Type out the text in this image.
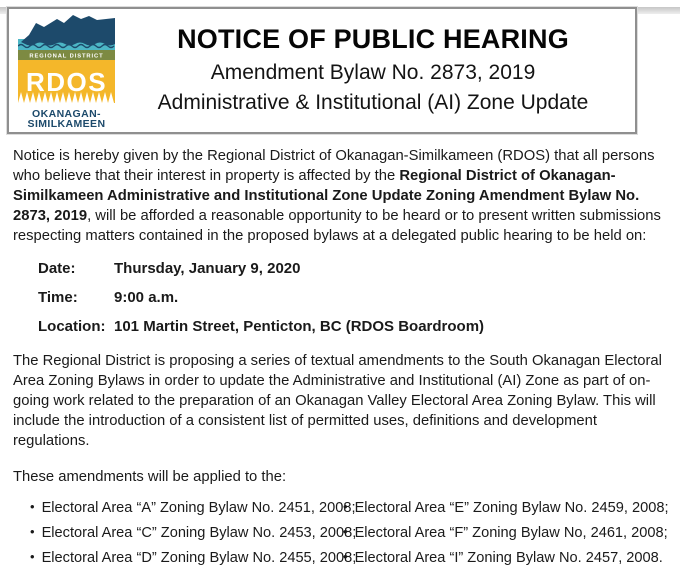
REGIONAL DISTRICT
RDOS
OKANAGAN-
SIMILKAMEEN
NOTICE OF PUBLIC HEARING
Amendment Bylaw No. 2873, 2019
Administrative & Institutional (AI) Zone Update

Notice is hereby given by the Regional District of Okanagan-Similkameen (RDOS) that all persons who believe that their interest in property is affected by the Regional District of Okanagan-Similkameen Administrative and Institutional Zone Update Zoning Amendment Bylaw No. 2873, 2019, will be afforded a reasonable opportunity to be heard or to present written submissions respecting matters contained in the proposed bylaws at a delegated public hearing to be held on:

Date:	Thursday, January 9, 2020
Time:	9:00 a.m.
Location: 101 Martin Street, Penticton, BC (RDOS Boardroom)

The Regional District is proposing a series of textual amendments to the South Okanagan Electoral Area Zoning Bylaws in order to update the Administrative and Institutional (AI) Zone as part of on-going work related to the preparation of an Okanagan Valley Electoral Area Zoning Bylaw. This will include the introduction of a consistent list of permitted uses, definitions and development regulations.

These amendments will be applied to the:

• Electoral Area “A” Zoning Bylaw No. 2451, 2008;
• Electoral Area “C” Zoning Bylaw No. 2453, 2008;
• Electoral Area “D” Zoning Bylaw No. 2455, 2008;
• Electoral Area “E” Zoning Bylaw No. 2459, 2008;
• Electoral Area “F” Zoning Bylaw No, 2461, 2008;
• Electoral Area “I” Zoning Bylaw No. 2457, 2008.
